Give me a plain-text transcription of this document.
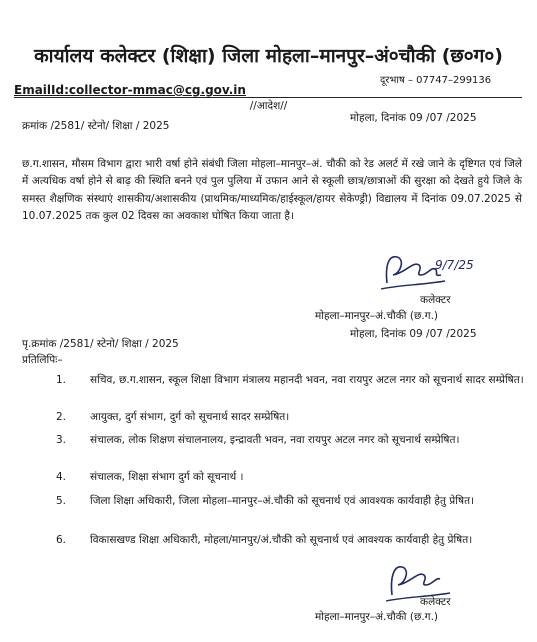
कार्यालय कलेक्टर (शिक्षा) जिला मोहला–मानपुर–अं०चौकी (छ०ग०)
दूरभाष – 07747–299136
EmailId:collector-mmac@cg.gov.in
//आदेश//
क्रमांक /2581/ स्टेनो/ शिक्षा / 2025
मोहला, दिनांक 09 /07 /2025
छ.ग.शासन, मौसम विभाग द्वारा भारी वर्षा होने संबंधी जिला मोहला–मानपुर–अं. चौकी को रेड अलर्ट में रखे जाने के दृष्टिगत एवं जिले में अत्यधिक वर्षा होने से बाढ़ की स्थिति बनने एवं पुल पुलिया में उफान आने से स्कूली छात्र/छात्राओं की सुरक्षा को देखते हुये जिले के समस्त शैक्षणिक संस्थाएं शासकीय/अशासकीय (प्राथमिक/माध्यमिक/हाईस्कूल/हायर सेकेण्ड्री) विद्यालय में दिनांक 09.07.2025 से 10.07.2025 तक कुल 02 दिवस का अवकाश घोषित किया जाता है।
9/7/25
कलेक्टर
मोहला–मानपुर–अं.चौकी (छ.ग.)
मोहला, दिनांक 09 /07 /2025
पृ.क्रमांक /2581/ स्टेनो/ शिक्षा / 2025
प्रतिलिपिः–
1. सचिव, छ.ग.शासन, स्कूल शिक्षा विभाग मंत्रालय महानदी भवन, नवा रायपुर अटल नगर को सूचनार्थ सादर सम्प्रेषित।
2. आयुक्त, दुर्ग संभाग, दुर्ग को सूचनार्थ सादर सम्प्रेषित।
3. संचालक, लोक शिक्षण संचालनालय, इन्द्रावती भवन, नवा रायपुर अटल नगर को सूचनार्थ सम्प्रेषित।
4. संचालक, शिक्षा संभाग दुर्ग को सूचनार्थ ।
5. जिला शिक्षा अधिकारी, जिला मोहला–मानपुर–अं.चौकी को सूचनार्थ एवं आवश्यक कार्यवाही हेतु प्रेषित।
6. विकासखण्ड शिक्षा अधिकारी, मोहला/मानपुर/अं.चौकी को सूचनार्थ एवं आवश्यक कार्यवाही हेतु प्रेषित।
कलेक्टर
मोहला–मानपुर–अं.चौकी (छ.ग.)
